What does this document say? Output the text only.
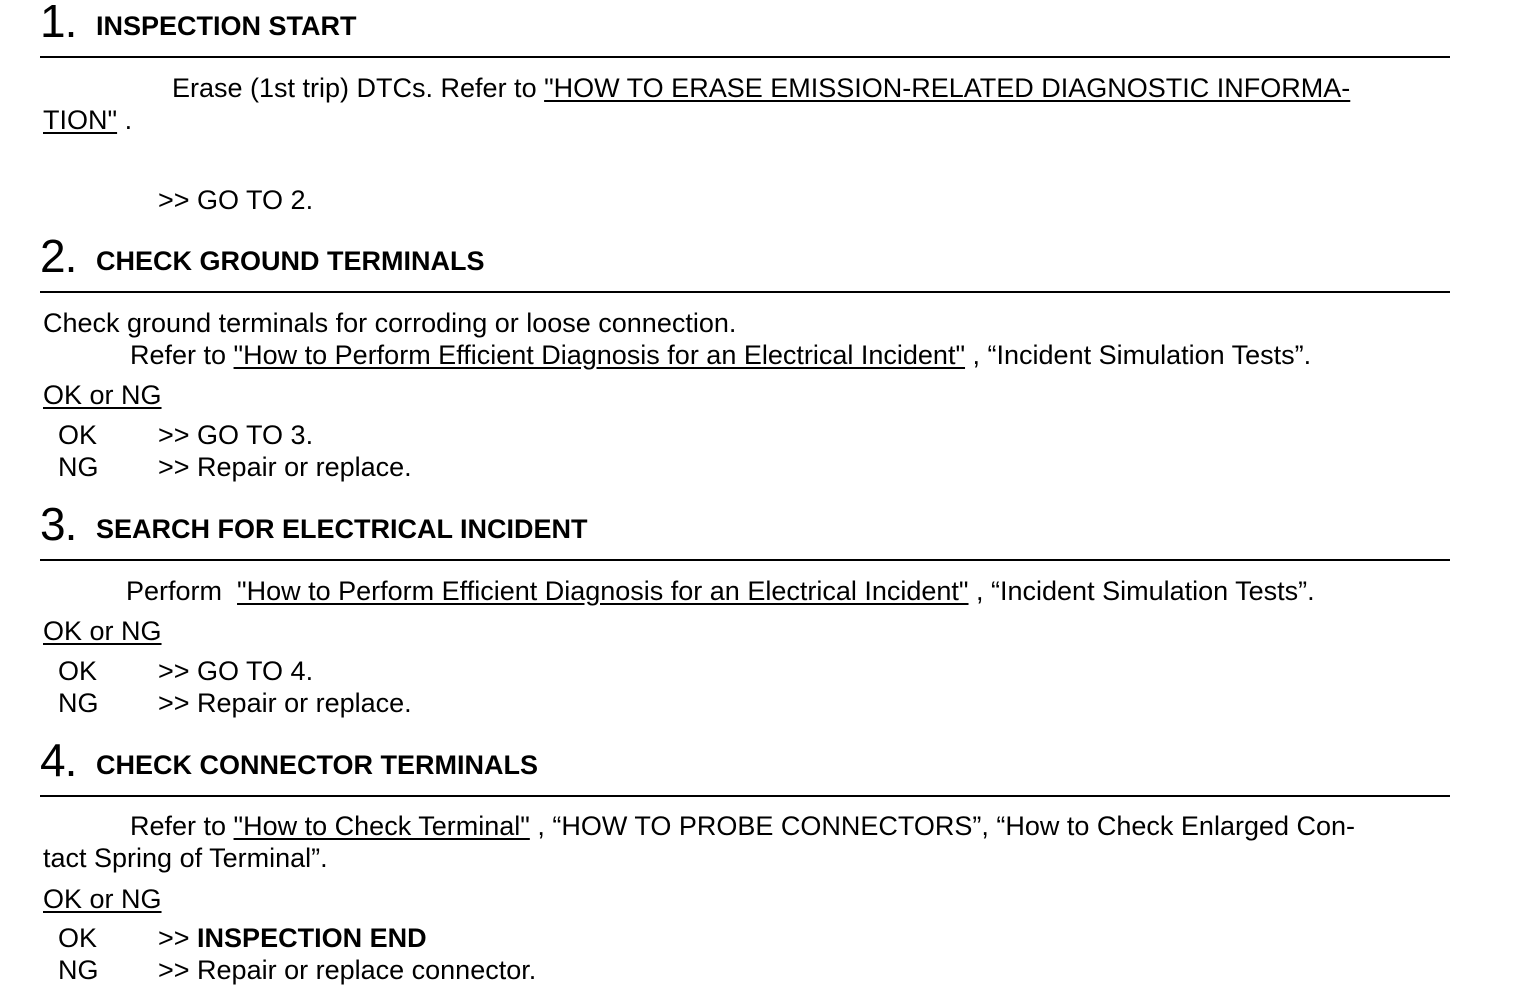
1. INSPECTION START
Erase (1st trip) DTCs. Refer to "HOW TO ERASE EMISSION-RELATED DIAGNOSTIC INFORMA-
TION" .
>> GO TO 2.
2. CHECK GROUND TERMINALS
Check ground terminals for corroding or loose connection.
Refer to "How to Perform Efficient Diagnosis for an Electrical Incident" , “Incident Simulation Tests”.
OK or NG
OK >> GO TO 3.
NG >> Repair or replace.
3. SEARCH FOR ELECTRICAL INCIDENT
Perform  "How to Perform Efficient Diagnosis for an Electrical Incident" , “Incident Simulation Tests”.
OK or NG
OK >> GO TO 4.
NG >> Repair or replace.
4. CHECK CONNECTOR TERMINALS
Refer to "How to Check Terminal" , “HOW TO PROBE CONNECTORS”, “How to Check Enlarged Con-
tact Spring of Terminal”.
OK or NG
OK >> INSPECTION END
NG >> Repair or replace connector.
